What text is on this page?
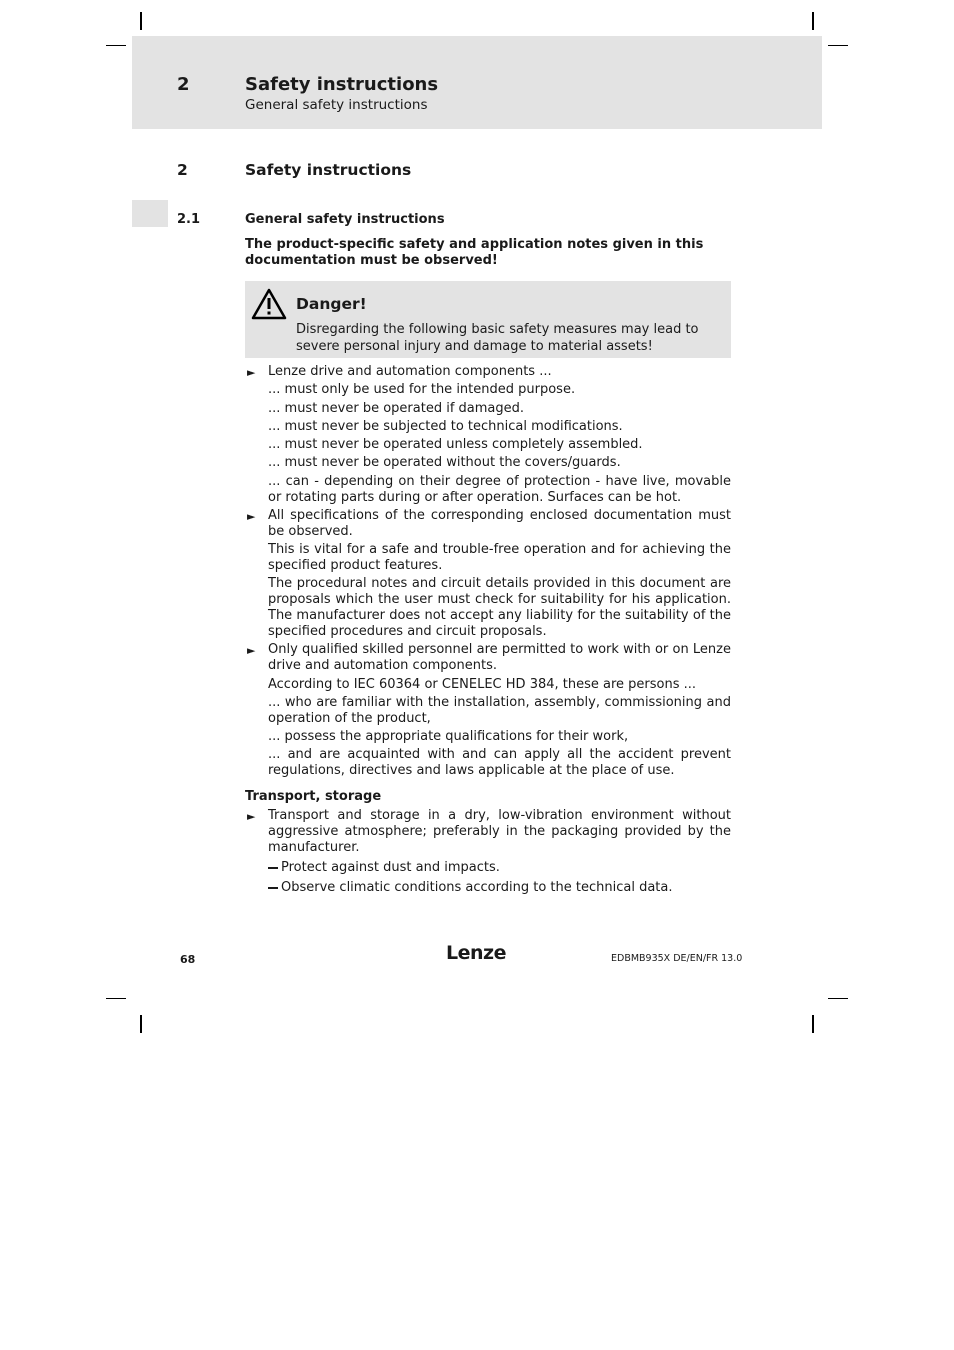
2	Safety instructions
General safety instructions
2	Safety instructions
2.1	General safety instructions
The product-specific safety and application notes given in this documentation must be observed!
Danger!
Disregarding the following basic safety measures may lead to
severe personal injury and damage to material assets!
► Lenze drive and automation components ...
... must only be used for the intended purpose.
... must never be operated if damaged.
... must never be subjected to technical modifications.
... must never be operated unless completely assembled.
... must never be operated without the covers/guards.
... can - depending on their degree of protection - have live, movable or rotating parts during or after operation. Surfaces can be hot.
► All specifications of the corresponding enclosed documentation must be observed.
This is vital for a safe and trouble-free operation and for achieving the specified product features.
The procedural notes and circuit details provided in this document are proposals which the user must check for suitability for his application. The manufacturer does not accept any liability for the suitability of the specified procedures and circuit proposals.
► Only qualified skilled personnel are permitted to work with or on Lenze drive and automation components.
According to IEC 60364 or CENELEC HD 384, these are persons ...
... who are familiar with the installation, assembly, commissioning and operation of the product,
... possess the appropriate qualifications for their work,
... and are acquainted with and can apply all the accident prevent regulations, directives and laws applicable at the place of use.
Transport, storage
► Transport and storage in a dry, low-vibration environment without aggressive atmosphere; preferably in the packaging provided by the manufacturer.
Protect against dust and impacts.
Observe climatic conditions according to the technical data.
68	Lenze	EDBMB935X DE/EN/FR 13.0
